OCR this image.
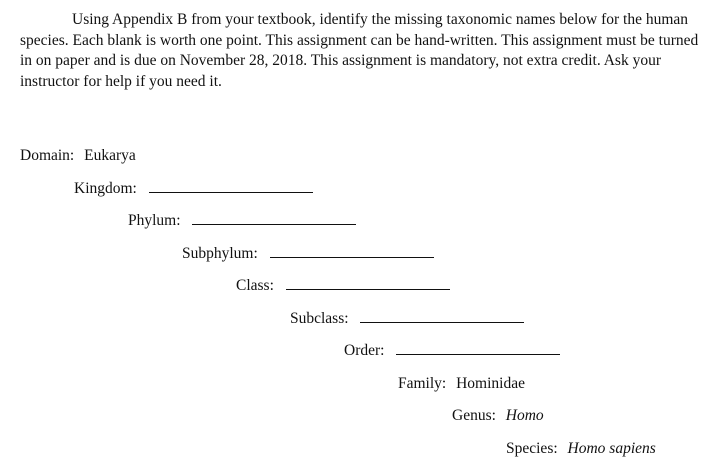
Using Appendix B from your textbook, identify the missing taxonomic names below for the human species. Each blank is worth one point. This assignment can be hand-written. This assignment must be turned in on paper and is due on November 28, 2018. This assignment is mandatory, not extra credit. Ask your instructor for help if you need it.

Domain: Eukarya
Kingdom:
Phylum:
Subphylum:
Class:
Subclass:
Order:
Family: Hominidae
Genus: Homo
Species: Homo sapiens
